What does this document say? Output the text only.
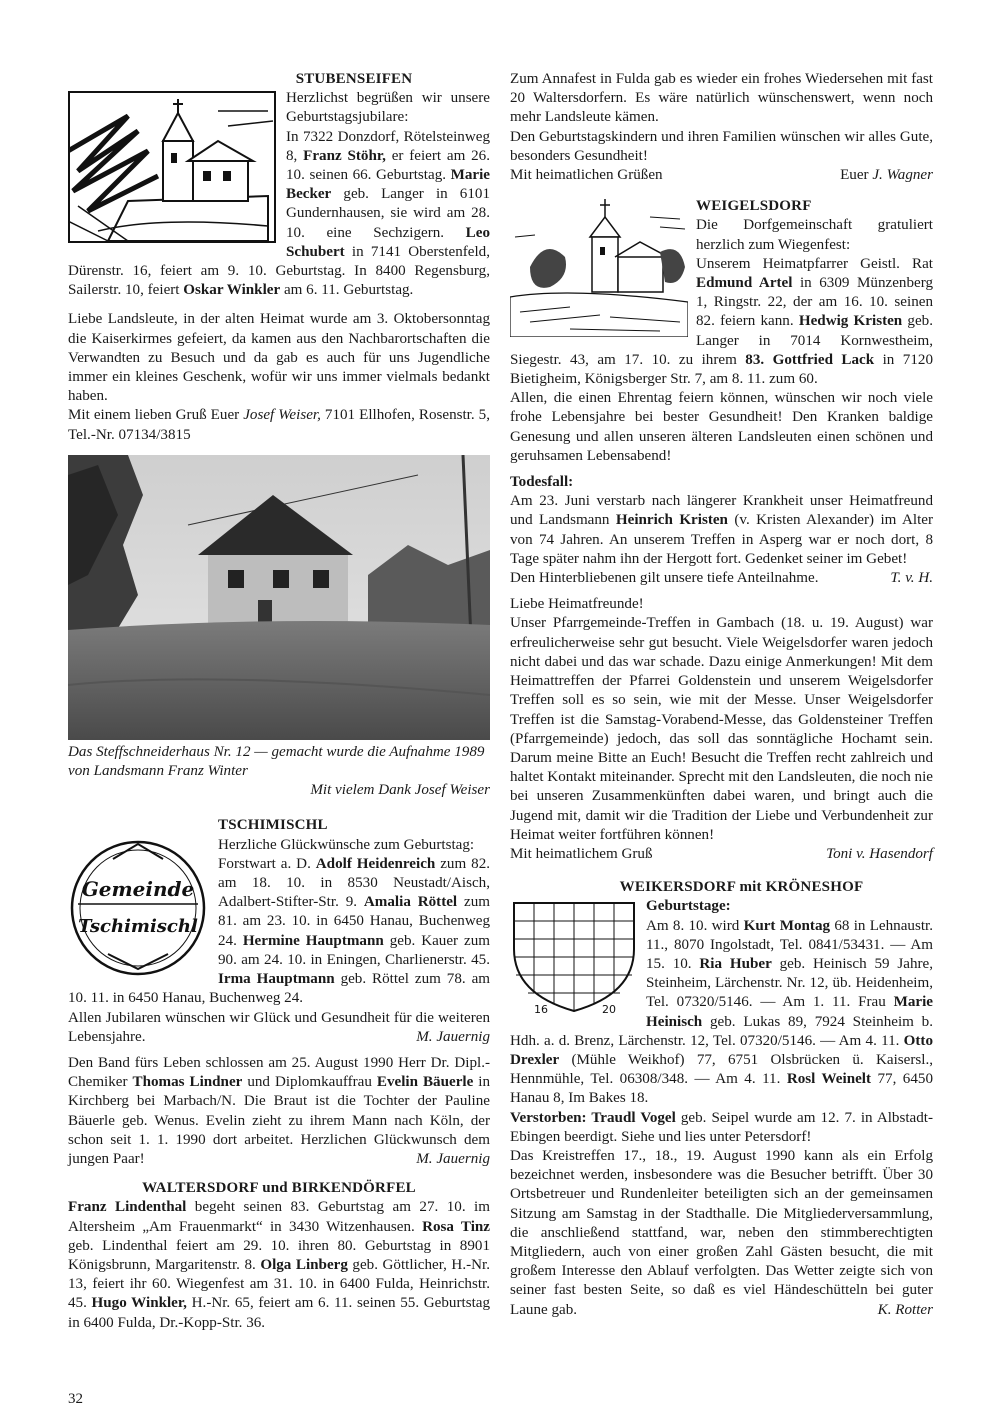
STUBENSEIFEN

Herzlichst begrüßen wir unsere Geburtstagsjubilare:

In 7322 Donzdorf, Rötelsteinweg 8, Franz Stöhr, er feiert am 26. 10. seinen 66. Geburtstag. Marie Becker geb. Langer in 6101 Gundernhausen, sie wird am 28. 10. eine Sechzigern. Leo Schubert in 7141 Oberstenfeld, Dürenstr. 16, feiert am 9. 10. Geburtstag. In 8400 Regensburg, Sailerstr. 10, feiert Oskar Winkler am 6. 11. Geburtstag.

Liebe Landsleute, in der alten Heimat wurde am 3. Oktobersonntag die Kaiserkirmes gefeiert, da kamen aus den Nachbarortschaften die Verwandten zu Besuch und da gab es auch für uns Jugendliche immer ein kleines Geschenk, wofür wir uns immer vielmals bedankt haben.

Mit einem lieben Gruß Euer Josef Weiser, 7101 Ellhofen, Rosenstr. 5, Tel.-Nr. 07134/3815

Das Steffschneiderhaus Nr. 12 — gemacht wurde die Aufnahme 1989 von Landsmann Franz Winter

Mit vielem Dank Josef Weiser

Gemeinde
Tschimischl
TSCHIMISCHL

Herzliche Glückwünsche zum Geburtstag:

Forstwart a. D. Adolf Heidenreich zum 82. am 18. 10. in 8530 Neustadt/Aisch, Adalbert-Stifter-Str. 9. Amalia Röttel zum 81. am 23. 10. in 6450 Hanau, Buchenweg 24. Hermine Hauptmann geb. Kauer zum 90. am 24. 10. in Eningen, Charlienerstr. 45. Irma Hauptmann geb. Röttel zum 78. am 10. 11. in 6450 Hanau, Buchenweg 24.

Allen Jubilaren wünschen wir Glück und Gesundheit für die weiteren Lebensjahre.	M. Jauernig

Den Band fürs Leben schlossen am 25. August 1990 Herr Dr. Dipl.-Chemiker Thomas Lindner und Diplomkauffrau Evelin Bäuerle in Kirchberg bei Marbach/N. Die Braut ist die Tochter der Pauline Bäuerle geb. Wenus. Evelin zieht zu ihrem Mann nach Köln, der schon seit 1. 1. 1990 dort arbeitet. Herzlichen Glückwunsch dem jungen Paar!	M. Jauernig

WALTERSDORF und BIRKENDÖRFEL

Franz Lindenthal begeht seinen 83. Geburtstag am 27. 10. im Altersheim „Am Frauenmarkt“ in 3430 Witzenhausen. Rosa Tinz geb. Lindenthal feiert am 29. 10. ihren 80. Geburtstag in 8901 Königsbrunn, Margaritenstr. 8. Olga Linberg geb. Göttlicher, H.-Nr. 13, feiert ihr 60. Wiegenfest am 31. 10. in 6400 Fulda, Heinrichstr. 45. Hugo Winkler, H.-Nr. 65, feiert am 6. 11. seinen 55. Geburtstag in 6400 Fulda, Dr.-Kopp-Str. 36.

Zum Annafest in Fulda gab es wieder ein frohes Wiedersehen mit fast 20 Waltersdorfern. Es wäre natürlich wünschenswert, wenn noch mehr Landsleute kämen.

Den Geburtstagskindern und ihren Familien wünschen wir alles Gute, besonders Gesundheit!

Mit heimatlichen Grüßen	Euer J. Wagner

WEIGELSDORF

Die Dorfgemeinschaft gratuliert herzlich zum Wiegenfest:

Unserem Heimatpfarrer Geistl. Rat Edmund Artel in 6309 Münzenberg 1, Ringstr. 22, der am 16. 10. seinen 82. feiern kann. Hedwig Kristen geb. Langer in 7014 Kornwestheim, Siegestr. 43, am 17. 10. zu ihrem 83. Gottfried Lack in 7120 Bietigheim, Königsberger Str. 7, am 8. 11. zum 60.

Allen, die einen Ehrentag feiern können, wünschen wir noch viele frohe Lebensjahre bei bester Gesundheit! Den Kranken baldige Genesung und allen unseren älteren Landsleuten einen schönen und geruhsamen Lebensabend!

Todesfall:

Am 23. Juni verstarb nach längerer Krankheit unser Heimatfreund und Landsmann Heinrich Kristen (v. Kristen Alexander) im Alter von 74 Jahren. An unserem Treffen in Asperg war er noch dort, 8 Tage später nahm ihn der Hergott fort. Gedenket seiner im Gebet!

Den Hinterbliebenen gilt unsere tiefe Anteilnahme.	T. v. H.

Liebe Heimatfreunde!

Unser Pfarrgemeinde-Treffen in Gambach (18. u. 19. August) war erfreulicherweise sehr gut besucht. Viele Weigelsdorfer waren jedoch nicht dabei und das war schade. Dazu einige Anmerkungen! Mit dem Heimattreffen der Pfarrei Goldenstein und unserem Weigelsdorfer Treffen soll es so sein, wie mit der Messe. Unser Weigelsdorfer Treffen ist die Samstag-Vorabend-Messe, das Goldensteiner Treffen (Pfarrgemeinde) jedoch, das soll das sonntägliche Hochamt sein. Darum meine Bitte an Euch! Besucht die Treffen recht zahlreich und haltet Kontakt miteinander. Sprecht mit den Landsleuten, die noch nie bei unseren Zusammenkünften dabei waren, und bringt auch die Jugend mit, damit wir die Tradition der Liebe und Verbundenheit zur Heimat weiter fortführen können!

Mit heimatlichem Gruß	Toni v. Hasendorf

WEIKERSDORF mit KRÖNESHOF
16	20

Geburtstage:

Am 8. 10. wird Kurt Montag 68 in Lehnaustr. 11., 8070 Ingolstadt, Tel. 0841/53431. — Am 15. 10. Ria Huber geb. Heinisch 59 Jahre, Steinheim, Lärchenstr. Nr. 12, üb. Heidenheim, Tel. 07320/5146. — Am 1. 11. Frau Marie Heinisch geb. Lukas 89, 7924 Steinheim b. Hdh. a. d. Brenz, Lärchenstr. 12, Tel. 07320/5146. — Am 4. 11. Otto Drexler (Mühle Weikhof) 77, 6751 Olsbrücken ü. Kaisersl., Hennmühle, Tel. 06308/348. — Am 4. 11. Rosl Weinelt 77, 6450 Hanau 8, Im Bakes 18.

Verstorben: Traudl Vogel geb. Seipel wurde am 12. 7. in Albstadt-Ebingen beerdigt. Siehe und lies unter Petersdorf!

Das Kreistreffen 17., 18., 19. August 1990 kann als ein Erfolg bezeichnet werden, insbesondere was die Besucher betrifft. Über 30 Ortsbetreuer und Rundenleiter beteiligten sich an der gemeinsamen Sitzung am Samstag in der Stadthalle. Die Mitgliederversammlung, die anschließend stattfand, war, neben den stimmberechtigten Mitgliedern, auch von einer großen Zahl Gästen besucht, die mit großem Interesse den Ablauf verfolgten. Das Wetter zeigte sich von seiner fast besten Seite, so daß es viel Händeschütteln bei guter Laune gab.	K. Rotter

32
